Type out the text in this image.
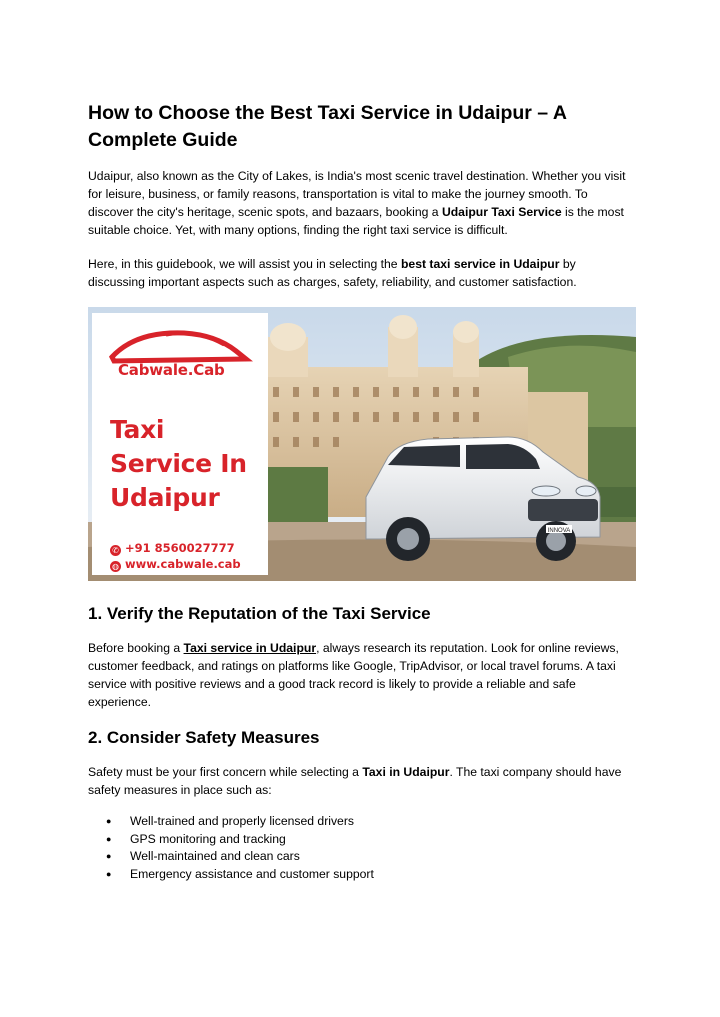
How to Choose the Best Taxi Service in Udaipur – A Complete Guide

Udaipur, also known as the City of Lakes, is India's most scenic travel destination. Whether you visit for leisure, business, or family reasons, transportation is vital to make the journey smooth. To discover the city's heritage, scenic spots, and bazaars, booking a Udaipur Taxi Service is the most suitable choice. Yet, with many options, finding the right taxi service is difficult.

Here, in this guidebook, we will assist you in selecting the best taxi service in Udaipur by discussing important aspects such as charges, safety, reliability, and customer satisfaction.

INNOVA
Cabwale.Cab
Taxi
Service In
Udaipur
✆ +91 8560027777
◍ www.cabwale.cab
1. Verify the Reputation of the Taxi Service

Before booking a Taxi service in Udaipur, always research its reputation. Look for online reviews, customer feedback, and ratings on platforms like Google, TripAdvisor, or local travel forums. A taxi service with positive reviews and a good track record is likely to provide a reliable and safe experience.

2. Consider Safety Measures

Safety must be your first concern while selecting a Taxi in Udaipur. The taxi company should have safety measures in place such as:

● Well-trained and properly licensed drivers
● GPS monitoring and tracking
● Well-maintained and clean cars
● Emergency assistance and customer support
